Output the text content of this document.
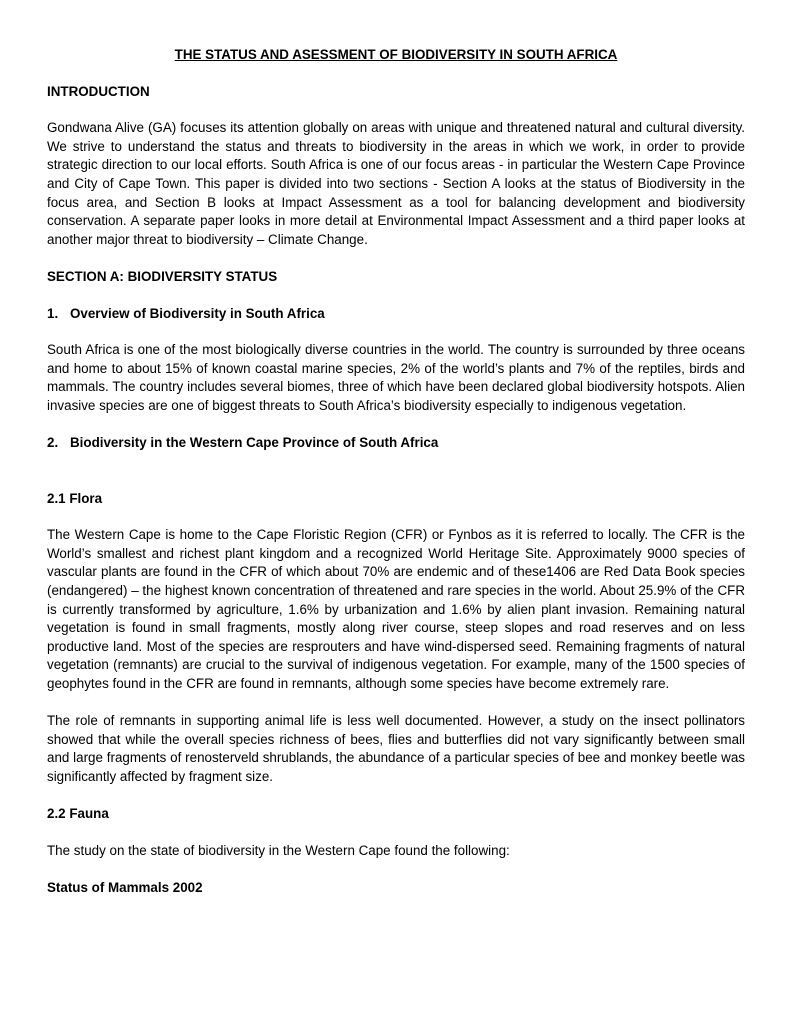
THE STATUS AND ASESSMENT OF BIODIVERSITY IN SOUTH AFRICA
INTRODUCTION

Gondwana Alive (GA) focuses its attention globally on areas with unique and threatened natural and cultural diversity. We strive to understand the status and threats to biodiversity in the areas in which we work, in order to provide strategic direction to our local efforts. South Africa is one of our focus areas - in particular the Western Cape Province and City of Cape Town. This paper is divided into two sections - Section A looks at the status of Biodiversity in the focus area, and Section B looks at Impact Assessment as a tool for balancing development and biodiversity conservation. A separate paper looks in more detail at Environmental Impact Assessment and a third paper looks at another major threat to biodiversity – Climate Change.

SECTION A: BIODIVERSITY STATUS
1. Overview of Biodiversity in South Africa

South Africa is one of the most biologically diverse countries in the world. The country is surrounded by three oceans and home to about 15% of known coastal marine species, 2% of the world’s plants and 7% of the reptiles, birds and mammals. The country includes several biomes, three of which have been declared global biodiversity hotspots. Alien invasive species are one of biggest threats to South Africa’s biodiversity especially to indigenous vegetation.

2. Biodiversity in the Western Cape Province of South Africa
2.1 Flora

The Western Cape is home to the Cape Floristic Region (CFR) or Fynbos as it is referred to locally. The CFR is the World’s smallest and richest plant kingdom and a recognized World Heritage Site. Approximately 9000 species of vascular plants are found in the CFR of which about 70% are endemic and of these1406 are Red Data Book species (endangered) – the highest known concentration of threatened and rare species in the world. About 25.9% of the CFR is currently transformed by agriculture, 1.6% by urbanization and 1.6% by alien plant invasion. Remaining natural vegetation is found in small fragments, mostly along river course, steep slopes and road reserves and on less productive land. Most of the species are resprouters and have wind-dispersed seed. Remaining fragments of natural vegetation (remnants) are crucial to the survival of indigenous vegetation. For example, many of the 1500 species of geophytes found in the CFR are found in remnants, although some species have become extremely rare.

The role of remnants in supporting animal life is less well documented. However, a study on the insect pollinators showed that while the overall species richness of bees, flies and butterflies did not vary significantly between small and large fragments of renosterveld shrublands, the abundance of a particular species of bee and monkey beetle was significantly affected by fragment size.

2.2 Fauna

The study on the state of biodiversity in the Western Cape found the following:

Status of Mammals 2002
